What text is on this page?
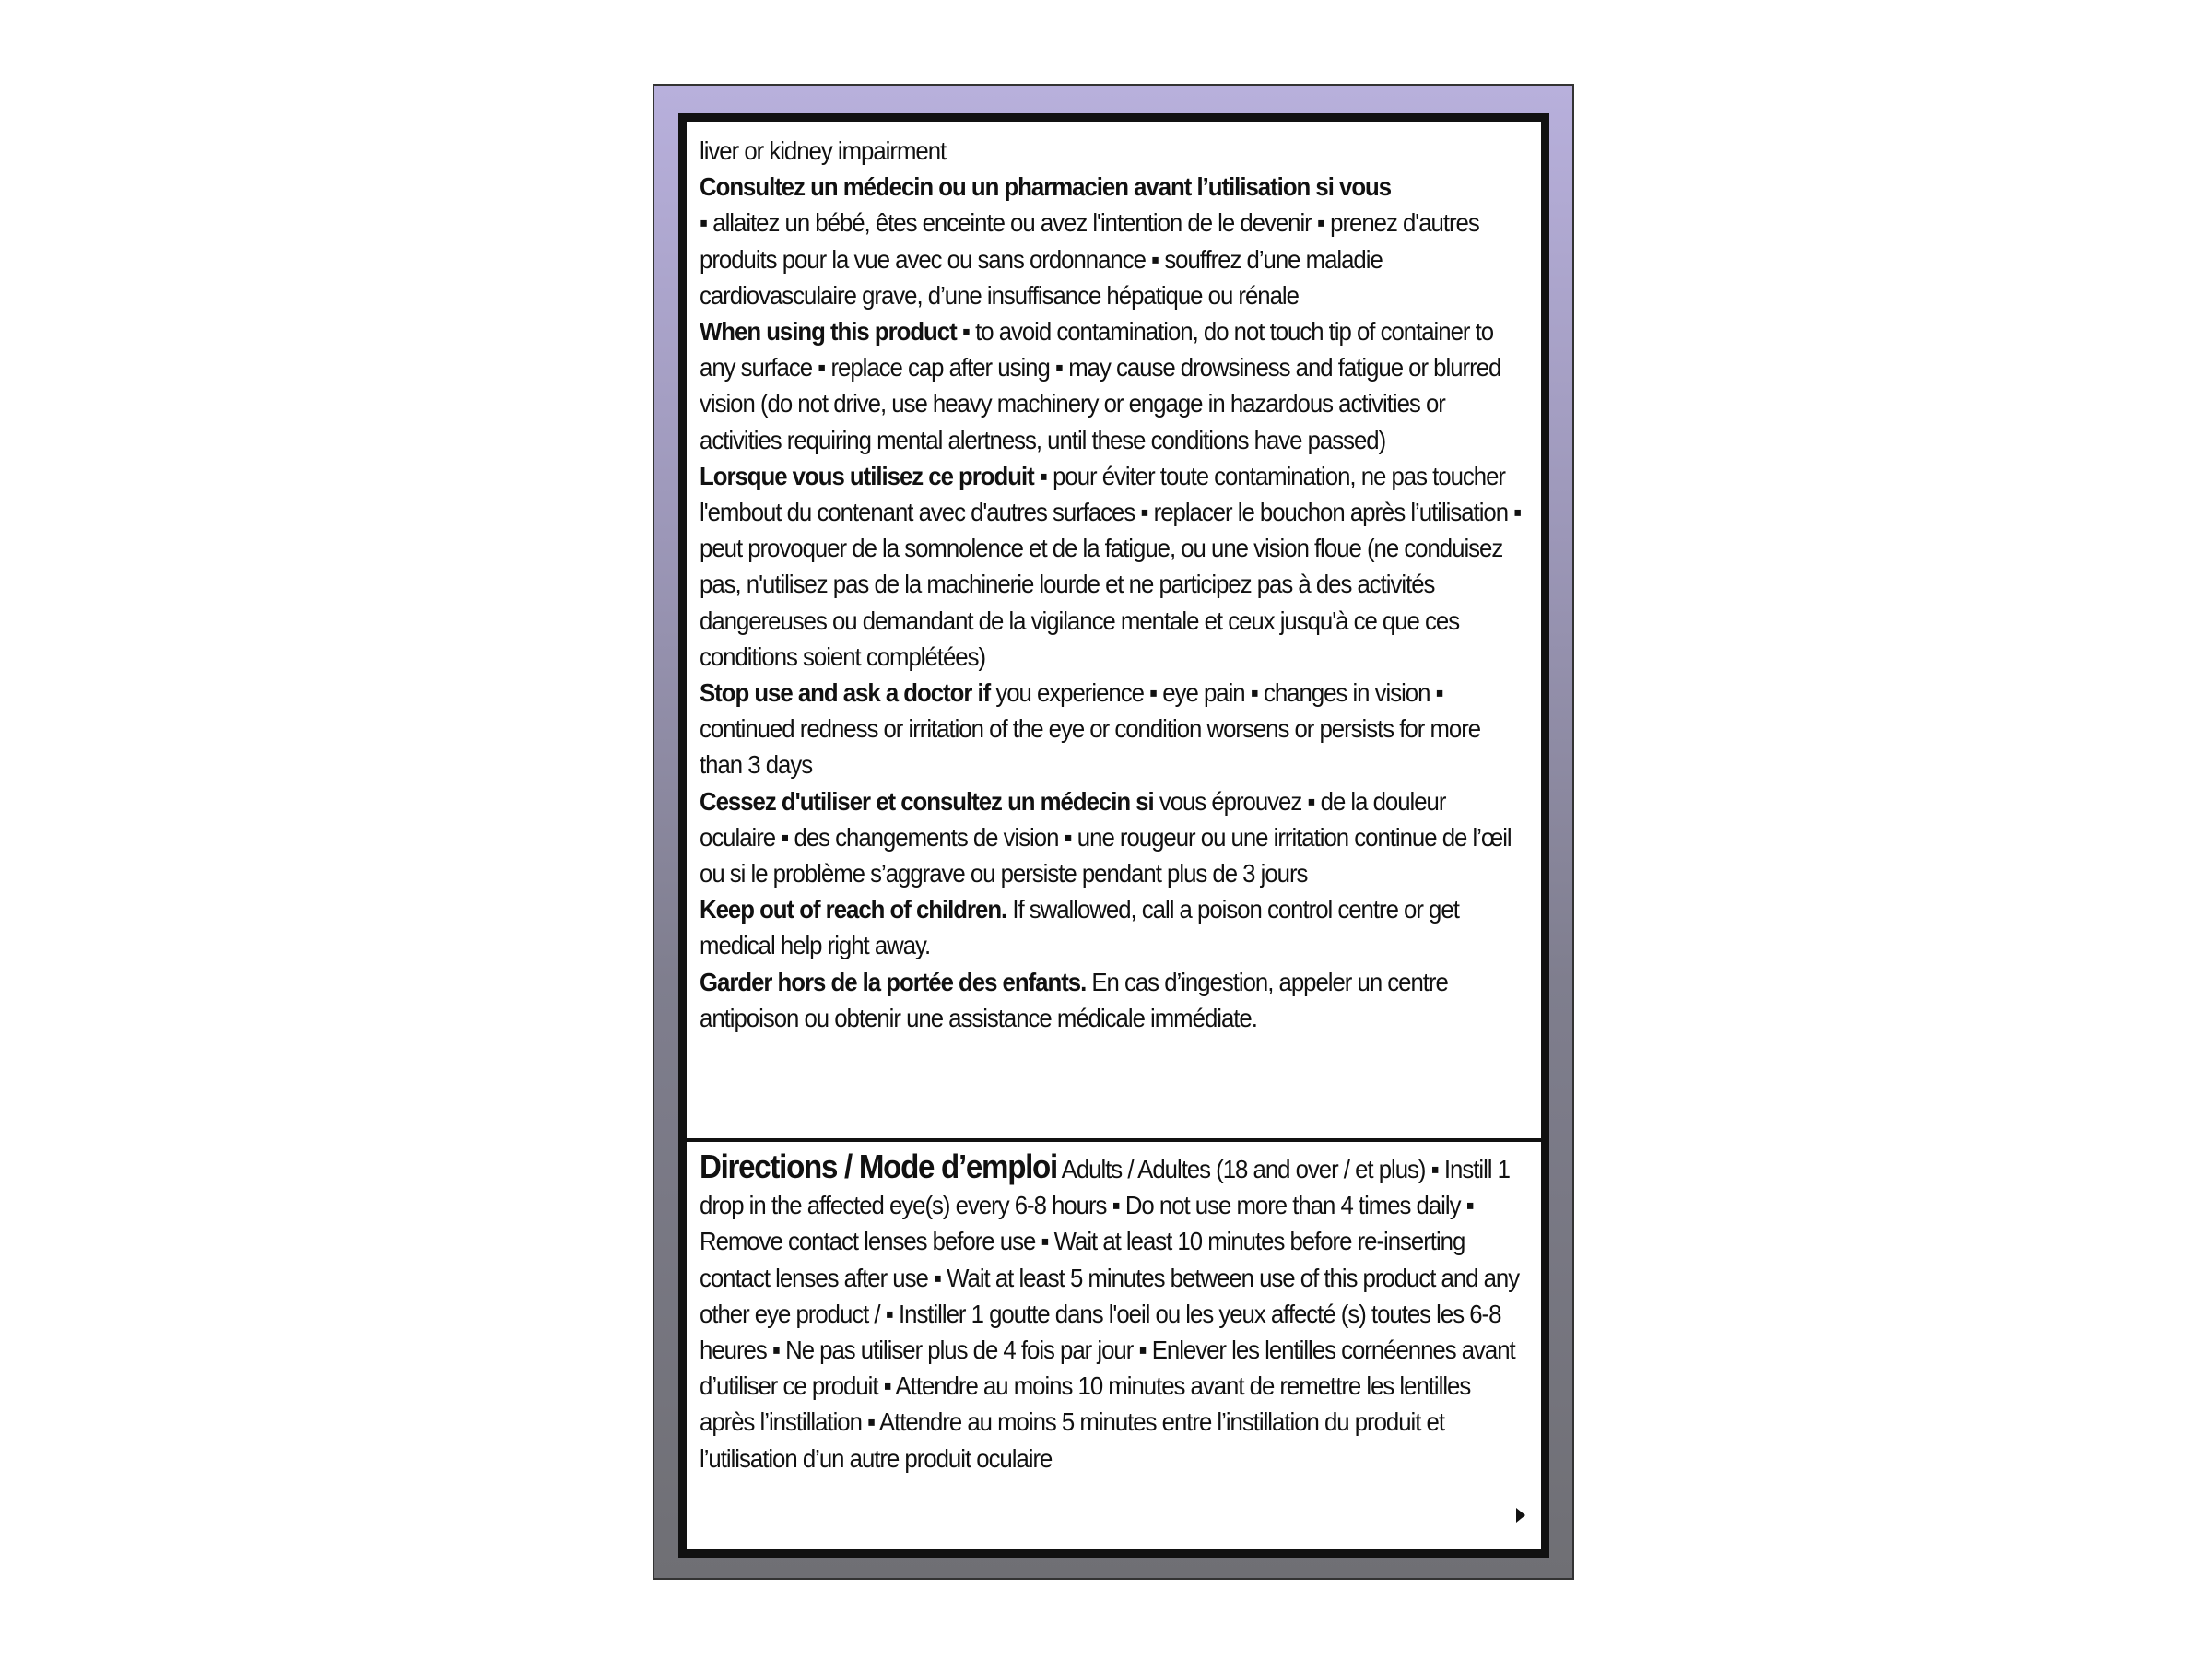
liver or kidney impairment
Consultez un médecin ou un pharmacien avant l’utilisation si vous
▪ allaitez un bébé, êtes enceinte ou avez l'intention de le devenir ▪ prenez d'autres produits pour la vue avec ou sans ordonnance ▪ souffrez d’une maladie cardiovasculaire grave, d’une insuffisance hépatique ou rénale
When using this product ▪ to avoid contamination, do not touch tip of container to any surface ▪ replace cap after using ▪ may cause drowsiness and fatigue or blurred vision (do not drive, use heavy machinery or engage in hazardous activities or activities requiring mental alertness, until these conditions have passed)
Lorsque vous utilisez ce produit ▪ pour éviter toute contamination, ne pas toucher l'embout du contenant avec d'autres surfaces ▪ replacer le bouchon après l’utilisation ▪ peut provoquer de la somnolence et de la fatigue, ou une vision floue (ne conduisez pas, n'utilisez pas de la machinerie lourde et ne participez pas à des activités dangereuses ou demandant de la vigilance mentale et ceux jusqu'à ce que ces conditions soient complétées)
Stop use and ask a doctor if you experience ▪ eye pain ▪ changes in vision ▪ continued redness or irritation of the eye or condition worsens or persists for more than 3 days
Cessez d'utiliser et consultez un médecin si vous éprouvez ▪ de la douleur oculaire ▪ des changements de vision ▪ une rougeur ou une irritation continue de l’œil ou si le problème s’aggrave ou persiste pendant plus de 3 jours
Keep out of reach of children. If swallowed, call a poison control centre or get medical help right away.
Garder hors de la portée des enfants. En cas d’ingestion, appeler un centre antipoison ou obtenir une assistance médicale immédiate.

Directions / Mode d’emploi Adults / Adultes (18 and over / et plus) ▪ Instill 1 drop in the affected eye(s) every 6-8 hours ▪ Do not use more than 4 times daily ▪ Remove contact lenses before use ▪ Wait at least 10 minutes before re-inserting contact lenses after use ▪ Wait at least 5 minutes between use of this product and any other eye product / ▪ Instiller 1 goutte dans l'oeil ou les yeux affecté (s) toutes les 6-8 heures ▪ Ne pas utiliser plus de 4 fois par jour ▪ Enlever les lentilles cornéennes avant d’utiliser ce produit ▪ Attendre au moins 10 minutes avant de remettre les lentilles après l’instillation ▪ Attendre au moins 5 minutes entre l’instillation du produit et l’utilisation d’un autre produit oculaire
